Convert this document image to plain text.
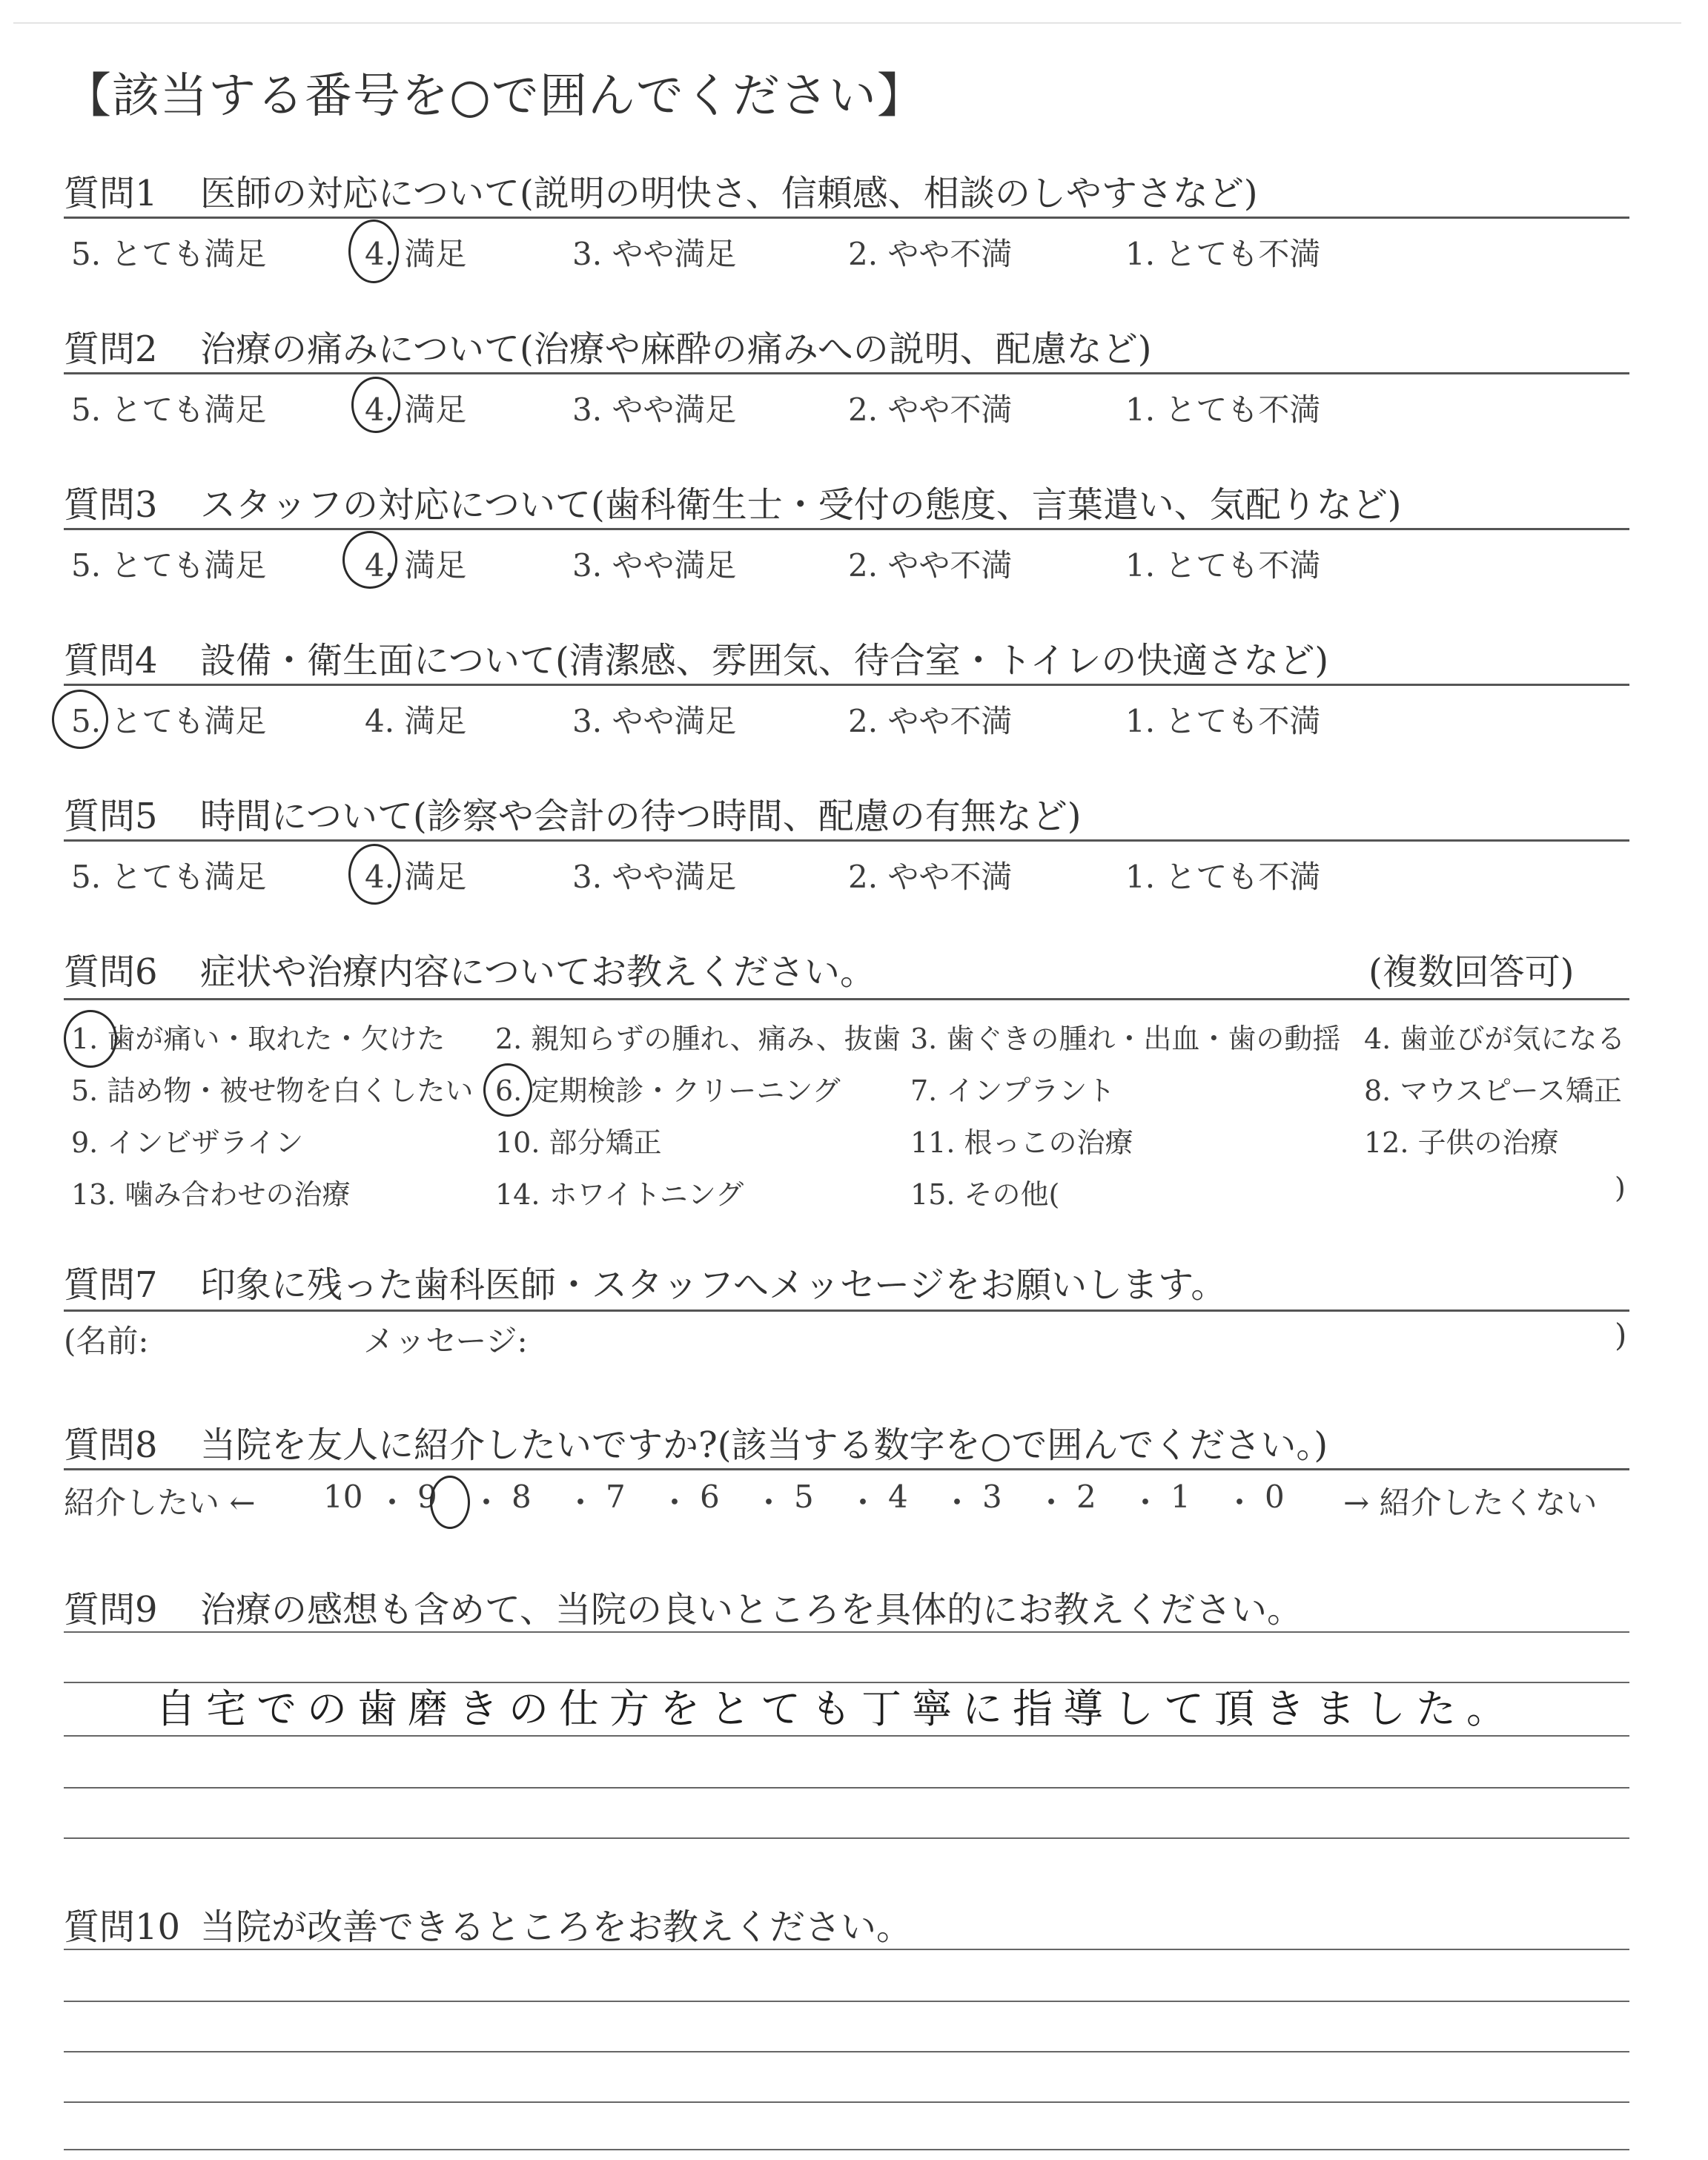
【該当する番号を○で囲んでください】
質問1 医師の対応について(説明の明快さ、信頼感、相談のしやすさなど)
5. とても満足	4. 満足	3. やや満足	2. やや不満	1. とても不満
質問2 治療の痛みについて(治療や麻酔の痛みへの説明、配慮など)
5. とても満足	4. 満足	3. やや満足	2. やや不満	1. とても不満
質問3 スタッフの対応について(歯科衛生士・受付の態度、言葉遣い、気配りなど)
5. とても満足	4. 満足	3. やや満足	2. やや不満	1. とても不満
質問4 設備・衛生面について(清潔感、雰囲気、待合室・トイレの快適さなど)
5. とても満足	4. 満足	3. やや満足	2. やや不満	1. とても不満
質問5 時間について(診察や会計の待つ時間、配慮の有無など)
5. とても満足	4. 満足	3. やや満足	2. やや不満	1. とても不満
質問6 症状や治療内容についてお教えください。	(複数回答可)
1. 歯が痛い・取れた・欠けた 2. 親知らずの腫れ、痛み、抜歯 3. 歯ぐきの腫れ・出血・歯の動揺 4. 歯並びが気になる
5. 詰め物・被せ物を白くしたい 6. 定期検診・クリーニング 7. インプラント	8. マウスピース矯正
9. インビザライン	10. 部分矯正	11. 根っこの治療	12. 子供の治療
13. 噛み合わせの治療	14. ホワイトニング	15. その他(	)
質問7 印象に残った歯科医師・スタッフへメッセージをお願いします。
(名前:	メッセージ:	)
質問8 当院を友人に紹介したいですか?(該当する数字を○で囲んでください。)
紹介したい ←	→ 紹介したくない
10 ・ 9 ・ 8 ・ 7 ・ 6 ・ 5 ・ 4 ・ 3 ・ 2 ・ 1 ・ 0
質問9 治療の感想も含めて、当院の良いところを具体的にお教えください。
自宅での歯磨きの仕方をとても丁寧に指導して頂きました。
質問10 当院が改善できるところをお教えください。
